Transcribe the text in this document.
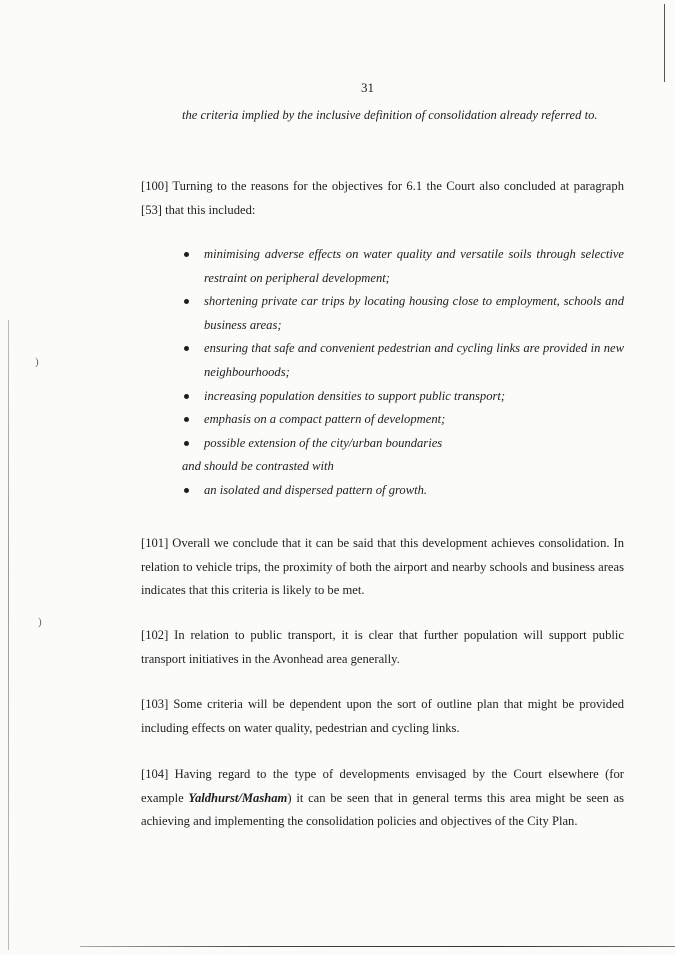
)
)
31

the criteria implied by the inclusive definition of consolidation already referred to.

[100] Turning to the reasons for the objectives for 6.1 the Court also concluded at paragraph [53] that this included:

minimising adverse effects on water quality and versatile soils through selective restraint on peripheral development;
shortening private car trips by locating housing close to employment, schools and business areas;
ensuring that safe and convenient pedestrian and cycling links are provided in new neighbourhoods;
increasing population densities to support public transport;
emphasis on a compact pattern of development;
possible extension of the city/urban boundaries
and should be contrasted with
an isolated and dispersed pattern of growth.

[101] Overall we conclude that it can be said that this development achieves consolidation. In relation to vehicle trips, the proximity of both the airport and nearby schools and business areas indicates that this criteria is likely to be met.

[102] In relation to public transport, it is clear that further population will support public transport initiatives in the Avonhead area generally.

[103] Some criteria will be dependent upon the sort of outline plan that might be provided including effects on water quality, pedestrian and cycling links.

[104] Having regard to the type of developments envisaged by the Court elsewhere (for example Yaldhurst/Masham) it can be seen that in general terms this area might be seen as achieving and implementing the consolidation policies and objectives of the City Plan.
